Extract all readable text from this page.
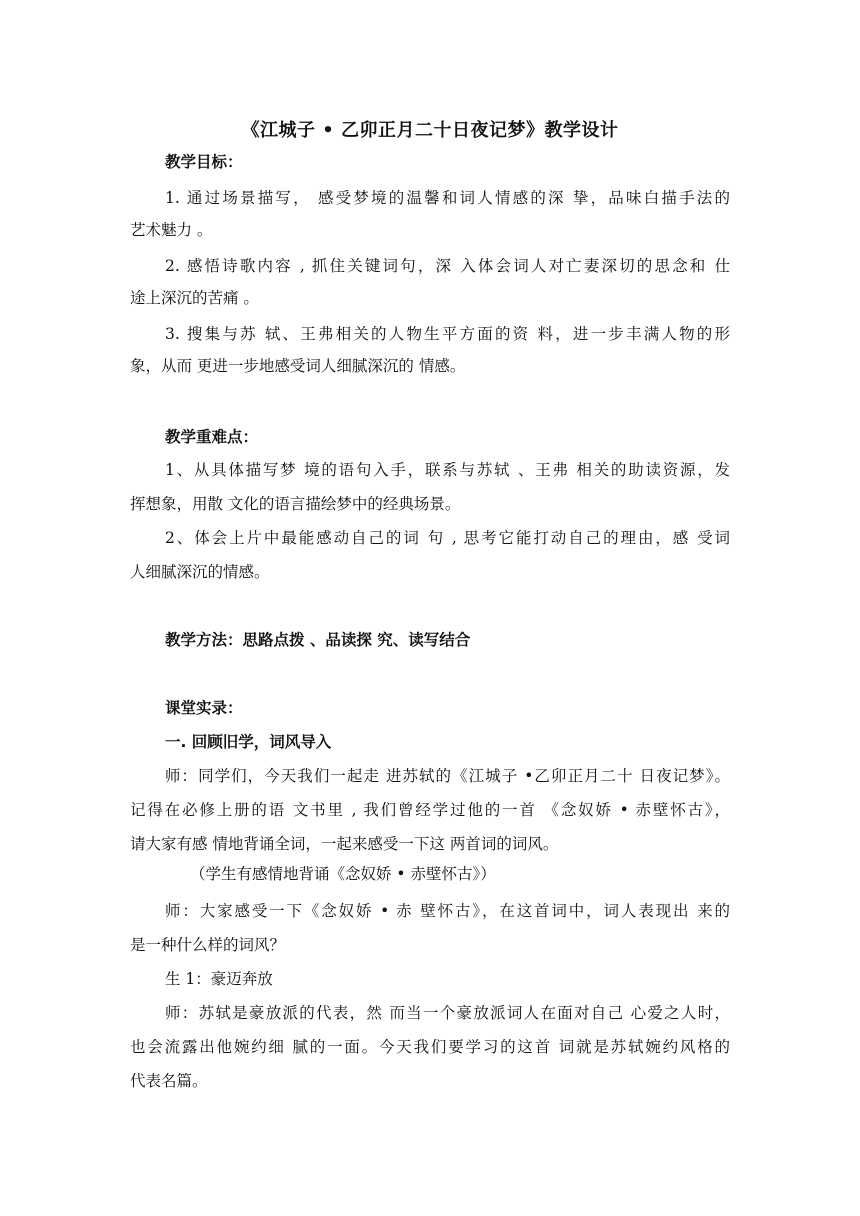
《江城子 • 乙卯正月二十日夜记梦》教学设计
教学目标：
1. 通过场景描写， 感受梦境的温馨和词人情感的深 挚，品味白描手法的
艺术魅力 。
2. 感悟诗歌内容 , 抓住关键词句，深 入体会词人对亡妻深切的思念和 仕
途上深沉的苦痛 。
3. 搜集与苏 轼、王弗相关的人物生平方面的资 料，进一步丰满人物的形
象，从而 更进一步地感受词人细腻深沉的 情感。
教学重难点：
1、从具体描写梦 境的语句入手，联系与苏轼 、王弗 相关的助读资源，发
挥想象，用散 文化的语言描绘梦中的经典场景。
2、体会上片中最能感动自己的词 句 , 思考它能打动自己的理由，感 受词
人细腻深沉的情感。
教学方法：思路点拨 、品读探 究、读写结合
课堂实录：
一. 回顾旧学，词风导入
师：同学们，今天我们一起走 进苏轼的《江城子 •乙卯正月二十 日夜记梦》。
记得在必修上册的语 文书里 , 我们曾经学过他的一首 《念奴娇 • 赤壁怀古》，
请大家有感 情地背诵全词，一起来感受一下这 两首词的词风。
（学生有感情地背诵《念奴娇 • 赤壁怀古》）
师：大家感受一下《念奴娇 • 赤 壁怀古》，在这首词中，词人表现出 来的
是一种什么样的词风？
生 1：豪迈奔放
师：苏轼是豪放派的代表，然 而当一个豪放派词人在面对自己 心爱之人时，
也会流露出他婉约细 腻的一面。今天我们要学习的这首 词就是苏轼婉约风格的
代表名篇。
